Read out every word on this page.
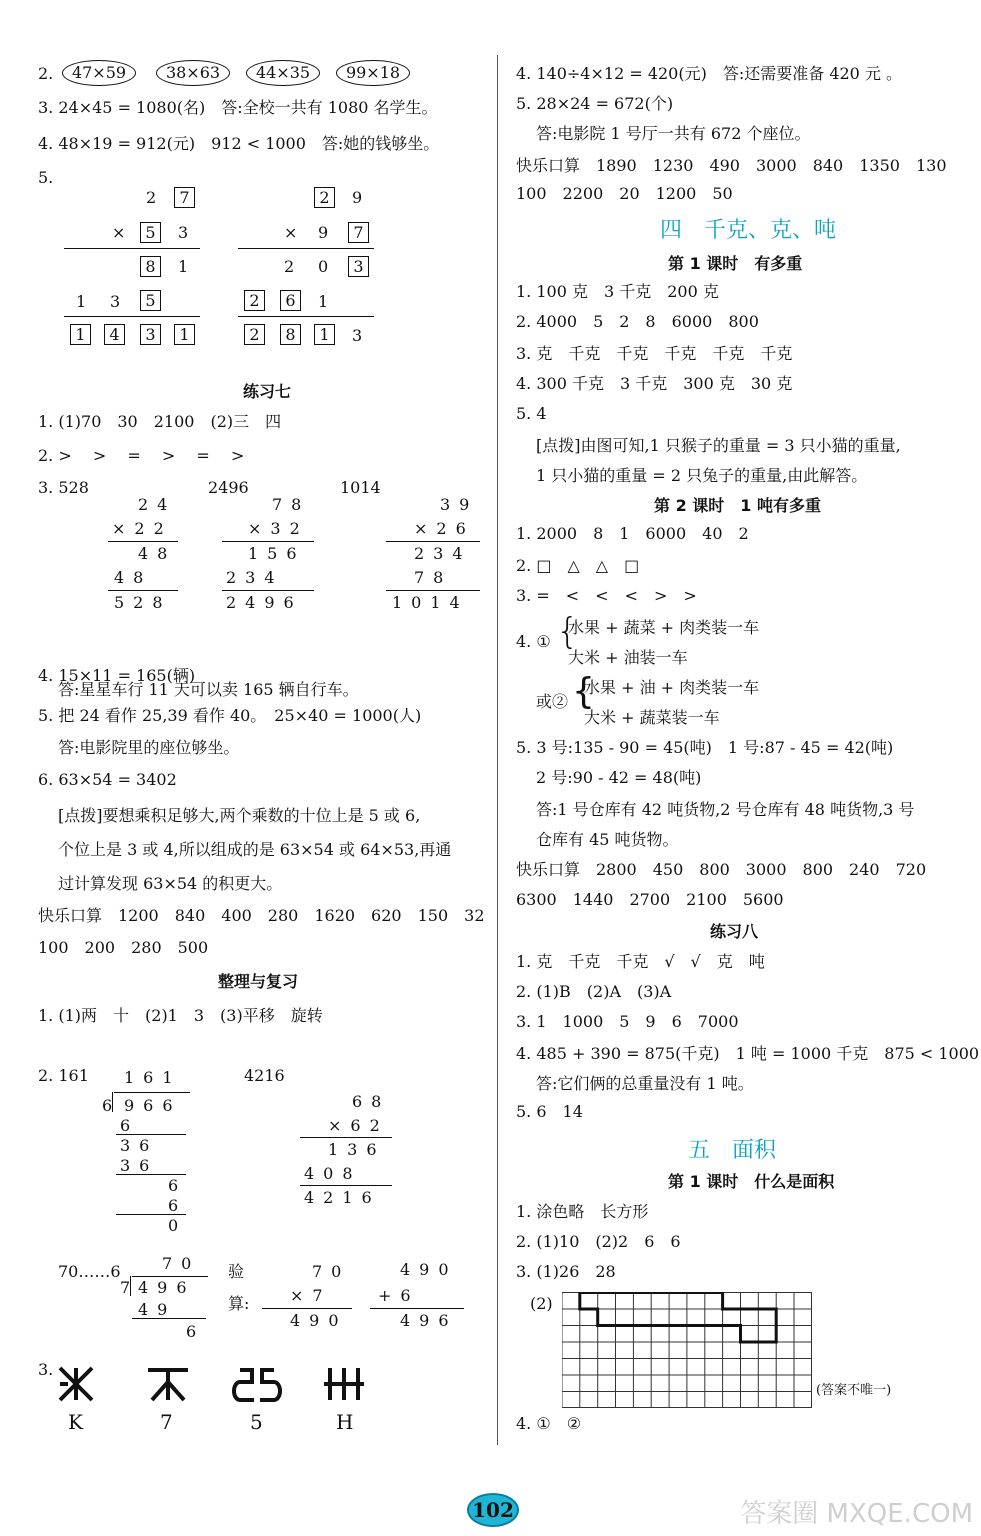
2.	47×59	38×63	44×35	99×18
3. 24×45 = 1080(名)　答:全校一共有 1080 名学生。
4. 48×19 = 912(元)　912 < 1000　答:她的钱够坐。
5.
2	7
×	5	3
8	1
1 3	5
1	4	3	1
2	9
× 9	7
2 0	3
2	6	1
2	8	1	3
练习七
1. (1)70　30　2100　(2)三　四
2. >　 >　 =　 >　 =　 >
3. 528	2496	1014
24
×22
48
48
528
78
×32
156
234
2496
39
×26
234
78
1014
4. 15×11 = 165(辆)
答:星星车行 11 天可以卖 165 辆自行车。
5. 把 24 看作 25,39 看作 40。　25×40 = 1000(人)
答:电影院里的座位够坐。
6. 63×54 = 3402
[点拨]要想乘积足够大,两个乘数的十位上是 5 或 6,
个位上是 3 或 4,所以组成的是 63×54 或 64×53,再通
过计算发现 63×54 的积更大。
快乐口算　1200　840　400　280　1620　620　150　32
100　200　280　500
整理与复习
1. (1)两　十　(2)1　3　(3)平移　旋转
2. 161	4216
161
6 966
6
36
36
6
6
0
68
×62
136
408
4216
70……6	70
7 496
49
6
验
算:
70
×7
490
490
+6
496
3.
K	7	5	H
4. 140÷4×12 = 420(元)　答:还需要准备 420 元 。
5. 28×24 = 672(个)
答:电影院 1 号厅一共有 672 个座位。
快乐口算　1890　1230　490　3000　840　1350　130
100　2200　20　1200　50
四　千克、克、吨
第 1 课时　有多重
1. 100 克　3 千克　200 克
2. 4000　5　2　8　6000　800
3. 克　千克　千克　千克　千克　千克
4. 300 千克　3 千克　300 克　30 克
5. 4
[点拨]由图可知,1 只猴子的重量 = 3 只小猫的重量,
1 只小猫的重量 = 2 只兔子的重量,由此解答。
第 2 课时　1 吨有多重
1. 2000　8　1　6000　40　2
2. □　△　△　□
3. =　<　<　<　>　>
4. ① {
水果 + 蔬菜 + 肉类装一车
大米 + 油装一车
或② {
水果 + 油 + 肉类装一车
大米 + 蔬菜装一车
5. 3 号:135 - 90 = 45(吨)　1 号:87 - 45 = 42(吨)
2 号:90 - 42 = 48(吨)
答:1 号仓库有 42 吨货物,2 号仓库有 48 吨货物,3 号
仓库有 45 吨货物。
快乐口算　2800　450　800　3000　800　240　720
6300　1440　2700　2100　5600
练习八
1. 克　千克　千克　√　√　克　吨
2. (1)B　(2)A　(3)A
3. 1　1000　5　9　6　7000
4. 485 + 390 = 875(千克)　1 吨 = 1000 千克　875 < 1000
答:它们俩的总重量没有 1 吨。
5. 6　14
五　面积
第 1 课时　什么是面积
1. 涂色略　长方形
2. (1)10　(2)2　6　6
3. (1)26　28
(2)
(答案不唯一)
4. ①　②
102	答案圈 MXQE.COM
